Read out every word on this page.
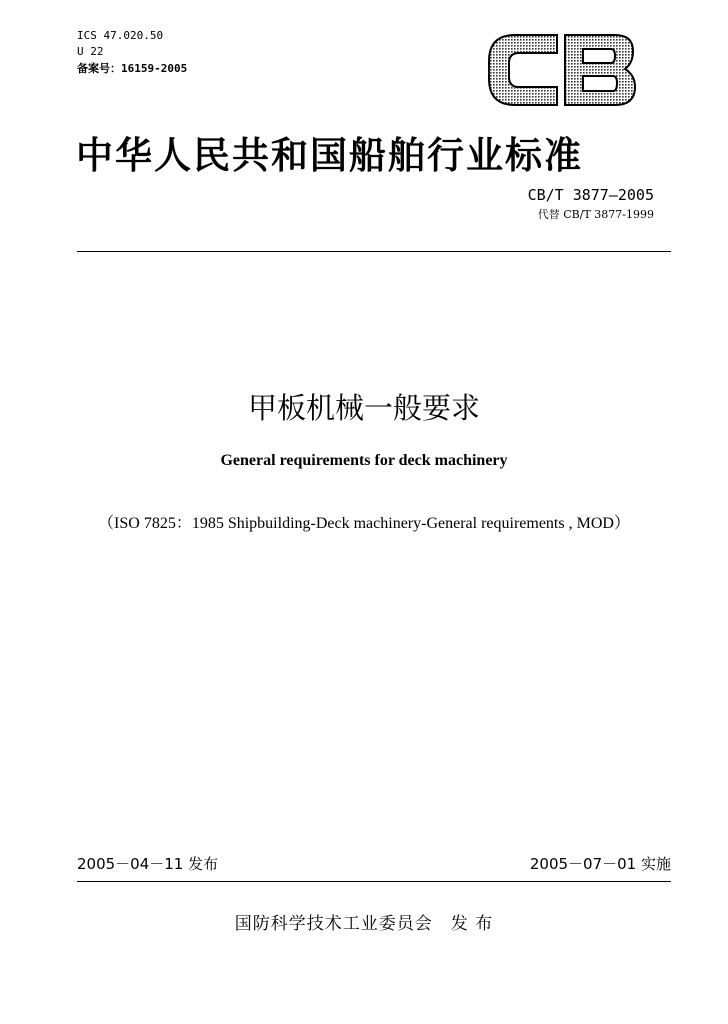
ICS 47.020.50
U 22
备案号：16159-2005
中华人民共和国船舶行业标准
CB/T 3877—2005
代替 CB/T 3877-1999
甲板机械一般要求
General requirements for deck machinery
（ISO 7825：1985 Shipbuilding-Deck machinery-General requirements , MOD）
2005－04－11 发布	2005－07－01 实施
国防科学技术工业委员会 发 布
